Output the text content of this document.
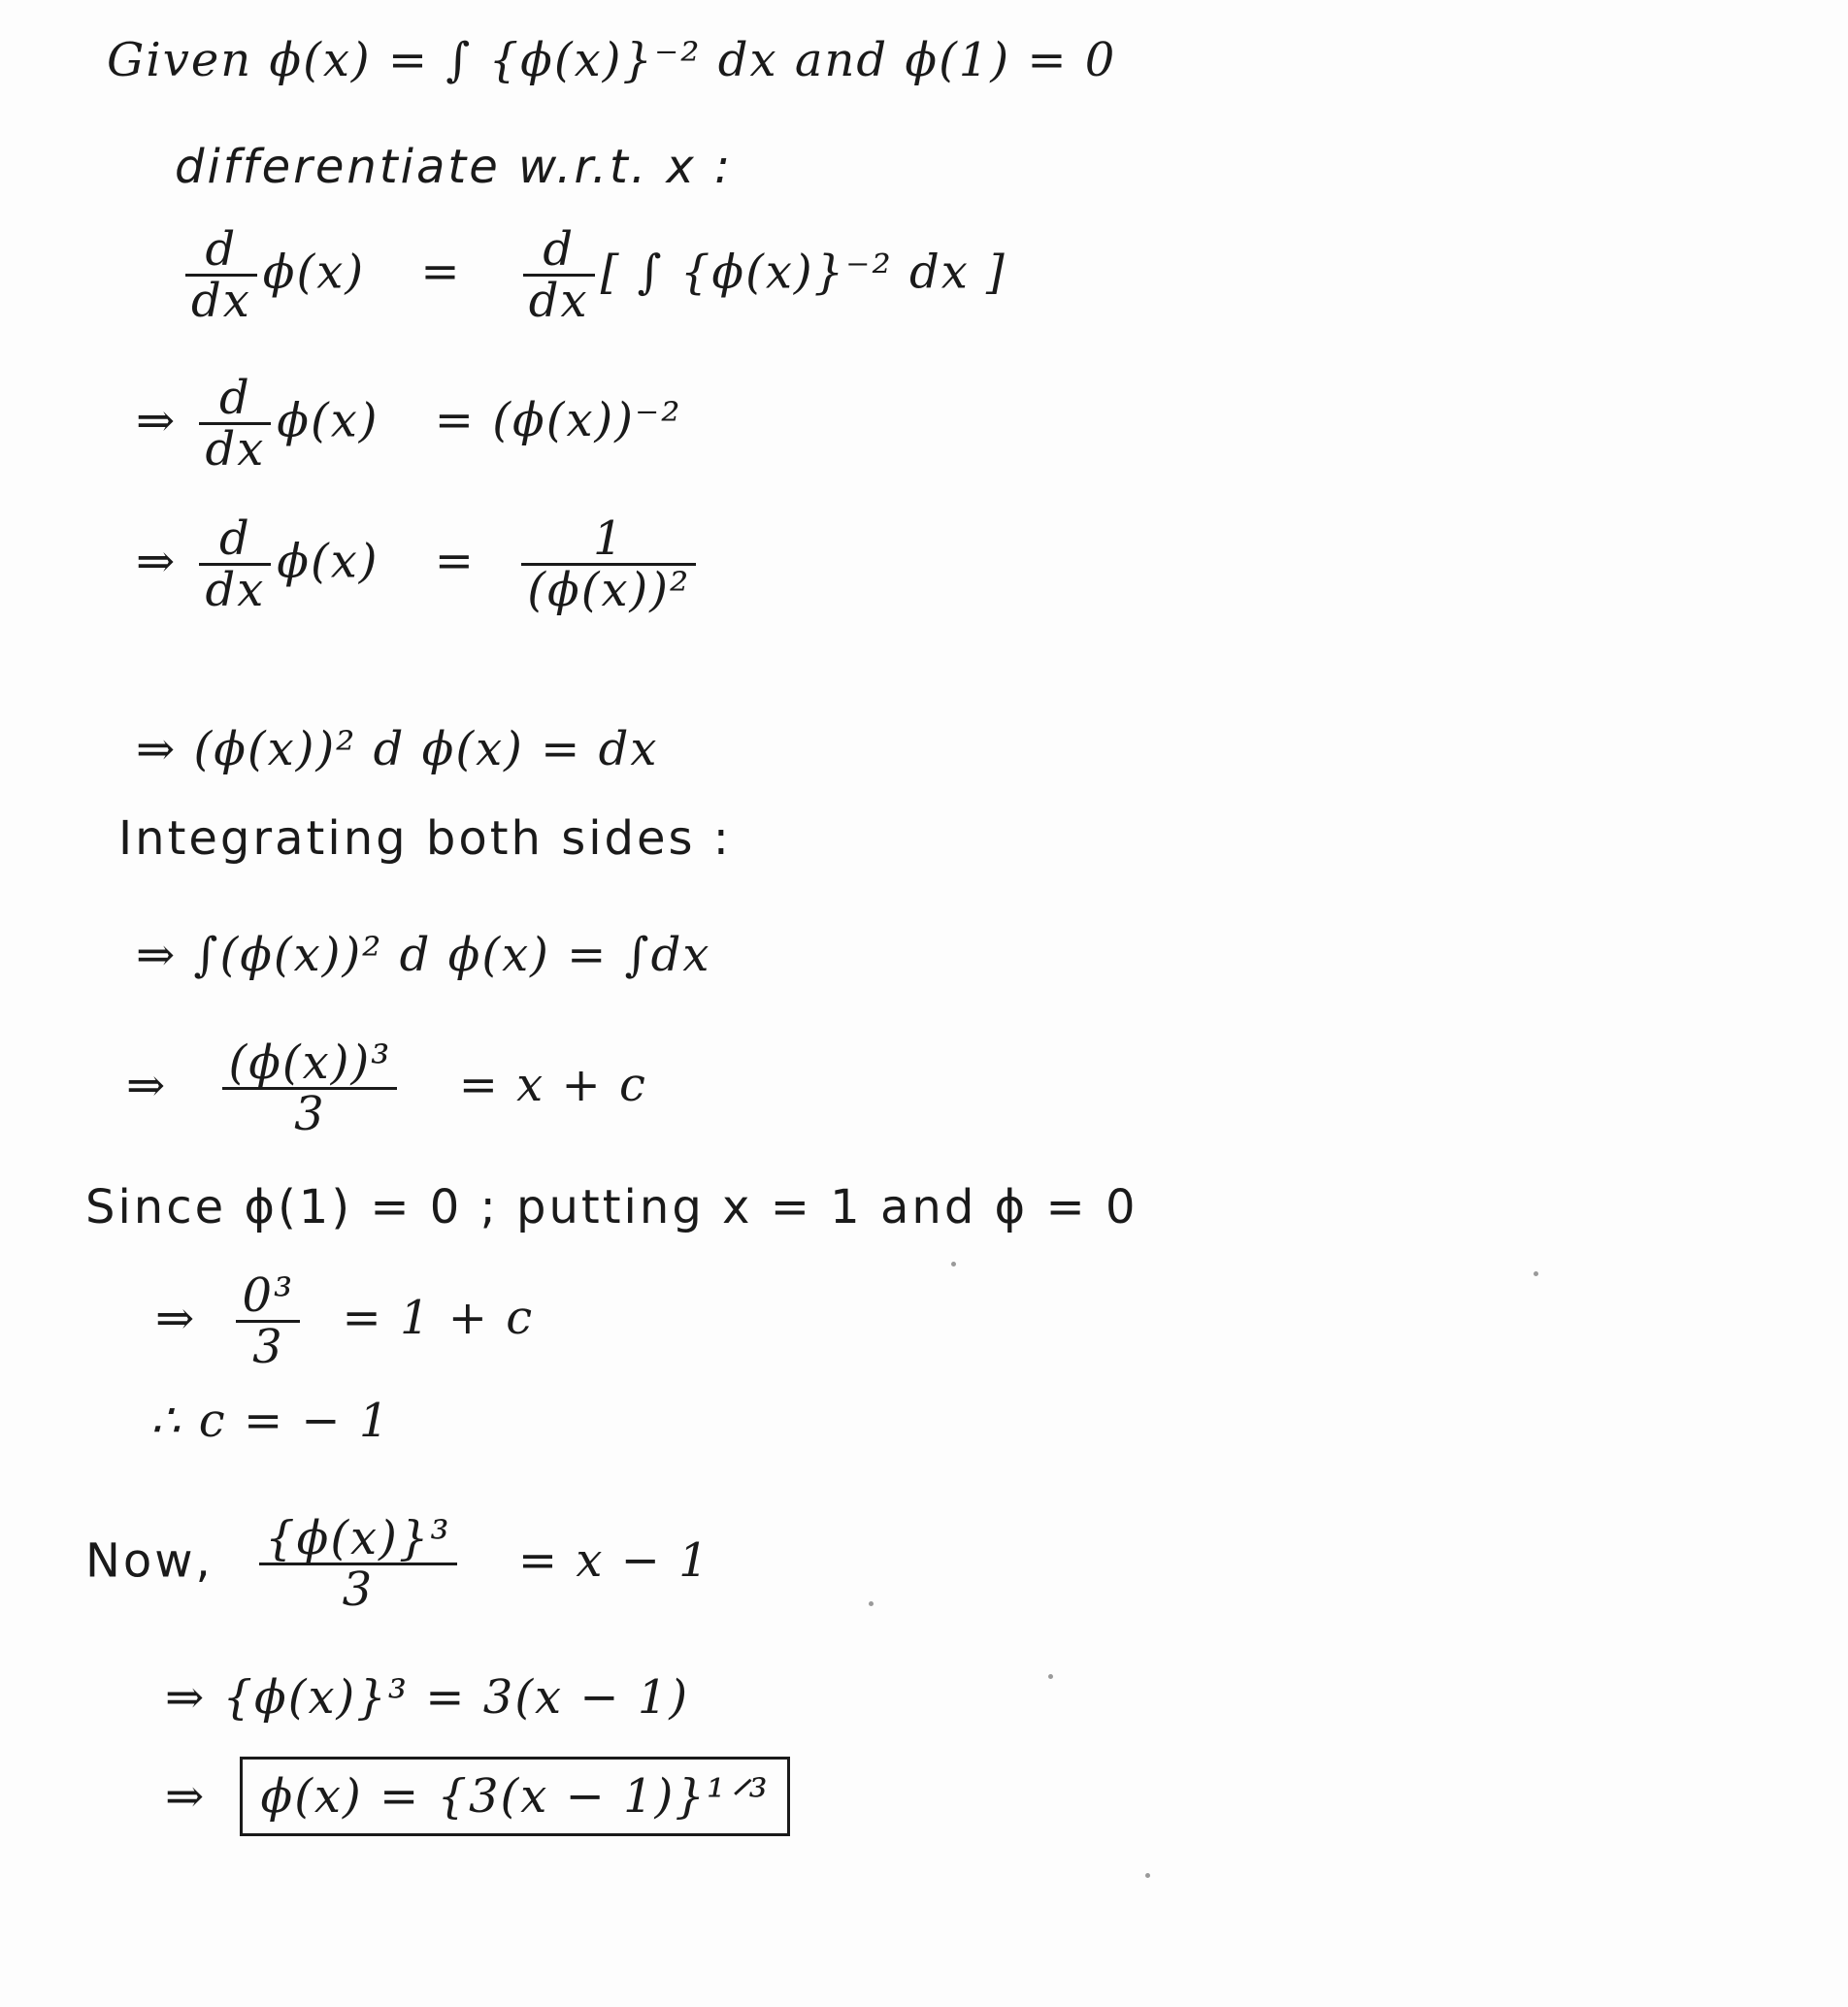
Given ϕ(x) = ∫ {ϕ(x)}⁻² dx and ϕ(1) = 0
differentiate w.r.t. x :
$\frac{d}{dx} \phi(x) = \frac{d}{dx}$ [ ∫ {ϕ(x)}⁻² dx ]
⇒ $\frac{d}{dx} \phi(x) = (\phi(x))^{-2}$
⇒ $\frac{d}{dx} \phi(x) = \frac{1}{\text{(ϕ(x))²}}$
⇒ (ϕ(x))² d ϕ(x) = dx
Integrating both sides :
⇒ ∫(ϕ(x))² d ϕ(x) = ∫dx
⇒ $\frac{\text{(ϕ(x))³}}{3} = x + c$
Since ϕ(1) = 0 ; putting x = 1 and ϕ = 0
⇒ $\frac{\text{0³}}{3} = 1 + c$
∴ c = − 1
Now, $\frac{\text{\{ϕ(x)\}³}}{3} = x - 1$
⇒ {ϕ(x)}³ = 3(x − 1)
⇒ ϕ(x) = {3(x − 1)}¹ᐟ³
